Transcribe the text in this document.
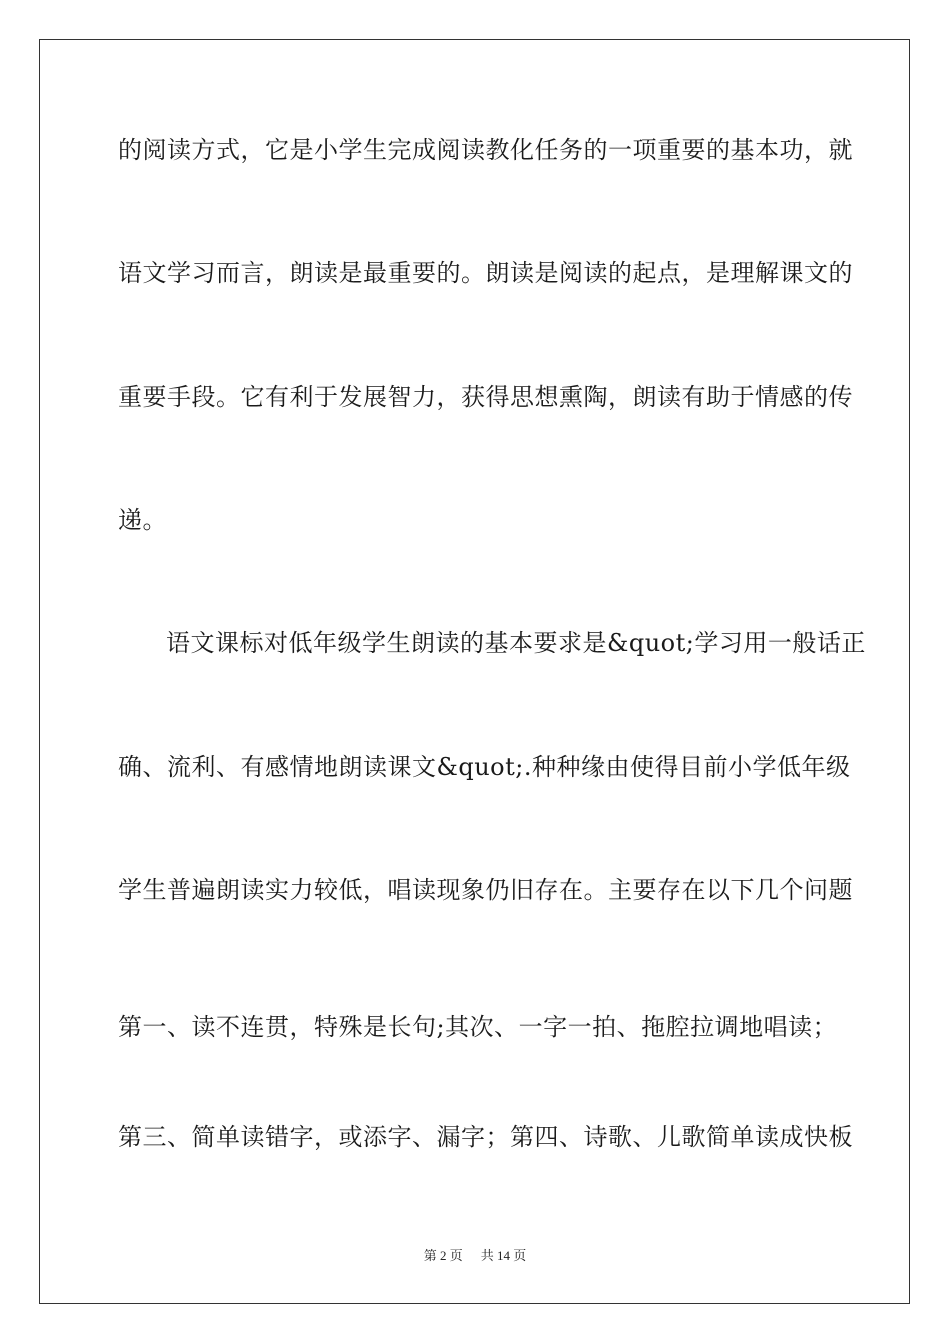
的阅读方式，它是小学生完成阅读教化任务的一项重要的基本功，就
语文学习而言，朗读是最重要的。朗读是阅读的起点，是理解课文的
重要手段。它有利于发展智力，获得思想熏陶，朗读有助于情感的传
递。
语文课标对低年级学生朗读的基本要求是&quot;学习用一般话正
确、流利、有感情地朗读课文&quot;.种种缘由使得目前小学低年级
学生普遍朗读实力较低，唱读现象仍旧存在。主要存在以下几个问题
第一、读不连贯，特殊是长句;其次、一字一拍、拖腔拉调地唱读；
第三、简单读错字，或添字、漏字；第四、诗歌、儿歌简单读成快板
第 2 页 共 14 页
